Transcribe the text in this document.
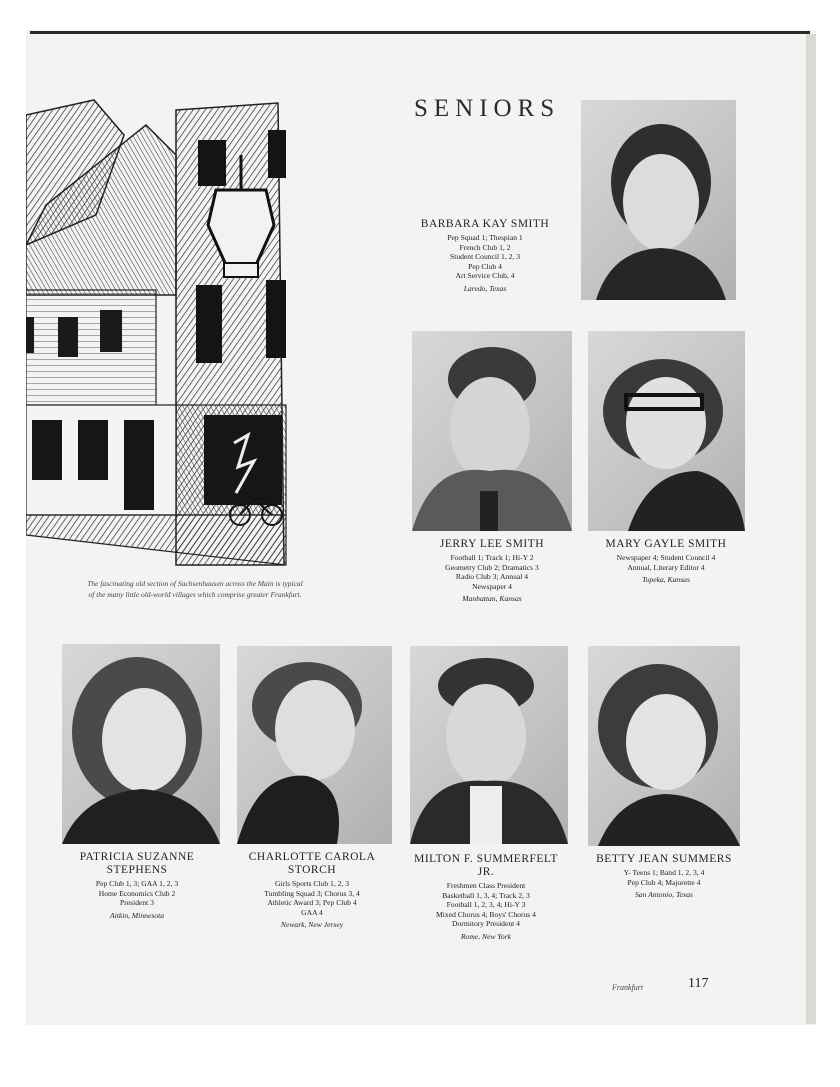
SENIORS
The fascinating old section of Sachsenhausen across the Main is typical
of the many little old-world villages which comprise greater Frankfurt.
BARBARA KAY SMITH
Pep Squad 1; Thespian 1
French Club 1, 2
Student Council 1, 2, 3
Pep Club 4
Art Service Club, 4
Laredo, Texas
JERRY LEE SMITH
Football 1; Track 1; Hi-Y 2
Geometry Club 2; Dramatics 3
Radio Club 3; Annual 4
Newspaper 4
Manhattan, Kansas
MARY GAYLE SMITH
Newspaper 4; Student Council 4
Annual, Literary Editor 4
Topeka, Kansas
PATRICIA SUZANNE STEPHENS
Pep Club 1, 3; GAA 1, 2, 3
Home Economics Club 2
President 3
Aitkin, Minnesota
CHARLOTTE CAROLA STORCH
Girls Sports Club 1, 2, 3
Tumbling Squad 3; Chorus 3, 4
Athletic Award 3; Pep Club 4
GAA 4
Newark, New Jersey
MILTON F. SUMMERFELT JR.
Freshmen Class President
Basketball 1, 3, 4; Track 2, 3
Football 1, 2, 3, 4; Hi-Y 3
Mixed Chorus 4; Boys' Chorus 4
Dormitory President 4
Rome, New York
BETTY JEAN SUMMERS
Y- Teens 1; Band 1, 2, 3, 4
Pep Club 4; Majorette 4
San Antonio, Texas
Frankfurt	117
